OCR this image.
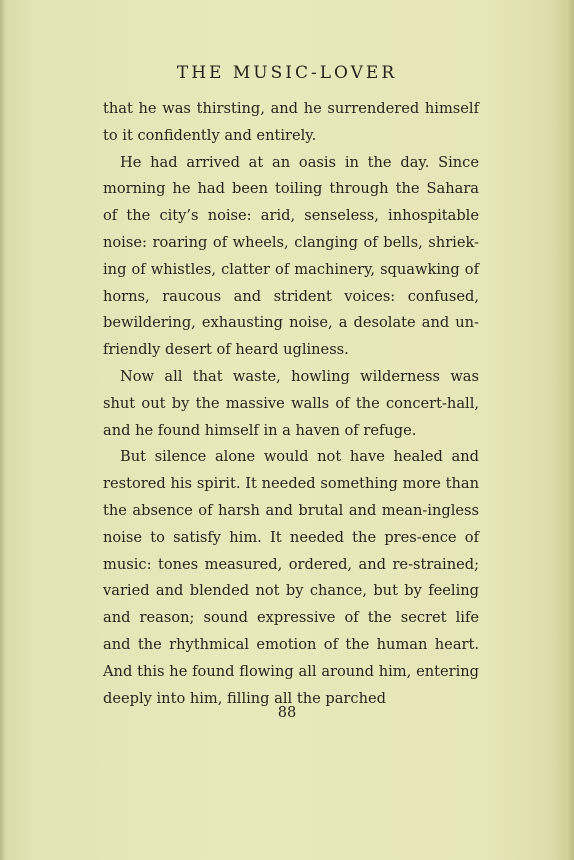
THE MUSIC-LOVER

that he was thirsting, and he surrendered himself to it confidently and entirely.

He had arrived at an oasis in the day. Since morning he had been toiling through the Sahara of the city’s noise: arid, senseless, inhospitable noise: roaring of wheels, clanging of bells, shriek-ing of whistles, clatter of machinery, squawking of horns, raucous and strident voices: confused, bewildering, exhausting noise, a desolate and un-friendly desert of heard ugliness.

Now all that waste, howling wilderness was shut out by the massive walls of the concert-hall, and he found himself in a haven of refuge.

But silence alone would not have healed and restored his spirit. It needed something more than the absence of harsh and brutal and mean-ingless noise to satisfy him. It needed the pres-ence of music: tones measured, ordered, and re-strained; varied and blended not by chance, but by feeling and reason; sound expressive of the secret life and the rhythmical emotion of the human heart. And this he found flowing all around him, entering deeply into him, filling all the parched

88
